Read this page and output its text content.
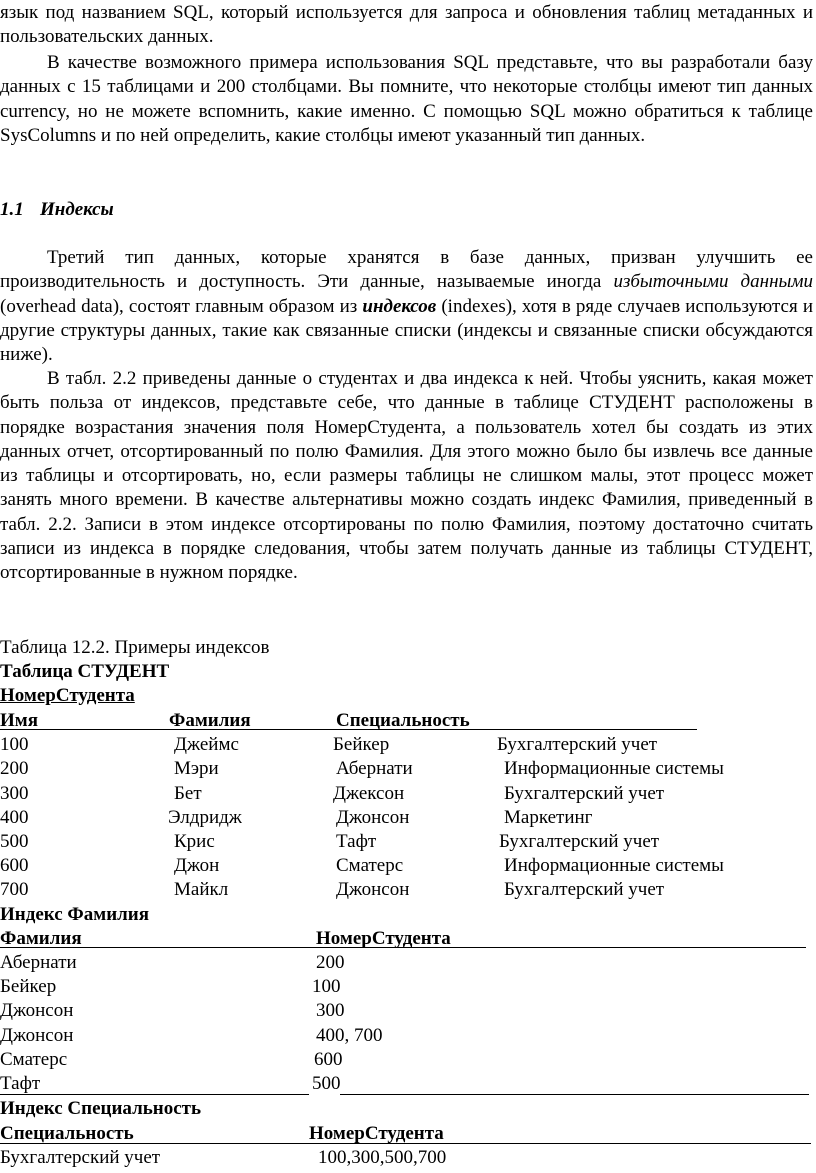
язык под названием SQL, который используется для запроса и обновления таблиц метаданных и пользовательских данных.

В качестве возможного примера использования SQL представьте, что вы разработали базу данных с 15 таблицами и 200 столбцами. Вы помните, что некоторые столбцы имеют тип данных currency, но не можете вспомнить, какие именно. С помощью SQL можно обратиться к таблице SysColumns и по ней определить, какие столбцы имеют указанный тип данных.

1.1 Индексы

Третий тип данных, которые хранятся в базе данных, призван улучшить ее производительность и доступность. Эти данные, называемые иногда избыточными данными (overhead data), состоят главным образом из индексов (indexes), хотя в ряде случаев используются и другие структуры данных, такие как связанные списки (индексы и связанные списки обсуждаются ниже).

В табл. 2.2 приведены данные о студентах и два индекса к ней. Чтобы уяснить, какая может быть польза от индексов, представьте себе, что данные в таблице СТУДЕНТ расположены в порядке возрастания значения поля НомерСтудента, а пользователь хотел бы создать из этих данных отчет, отсортированный по полю Фамилия. Для этого можно было бы извлечь все данные из таблицы и отсортировать, но, если размеры таблицы не слишком малы, этот процесс может занять много времени. В качестве альтернативы можно создать индекс Фамилия, приведенный в табл. 2.2. Записи в этом индексе отсортированы по полю Фамилия, поэтому достаточно считать записи из индекса в порядке следования, чтобы затем получать данные из таблицы СТУДЕНТ, отсортированные в нужном порядке.

Таблица 12.2. Примеры индексов
Таблица СТУДЕНТ
НомерСтудента
Имя	Фамилия	Специальность
100	Джеймс	Бейкер	Бухгалтерский учет
200	Мэри	Абернати	Информационные системы
300	Бет	Джексон	Бухгалтерский учет
400	Элдридж	Джонсон	Маркетинг
500	Крис	Тафт	Бухгалтерский учет
600	Джон	Сматерс	Информационные системы
700	Майкл	Джонсон	Бухгалтерский учет
Индекс Фамилия
Фамилия	НомерСтудента
Абернати	200
Бейкер	100
Джонсон	300
Джонсон	400, 700
Сматерс	600
Тафт	500
Индекс Специальность
Специальность	НомерСтудента
Бухгалтерский учет	100,300,500,700
